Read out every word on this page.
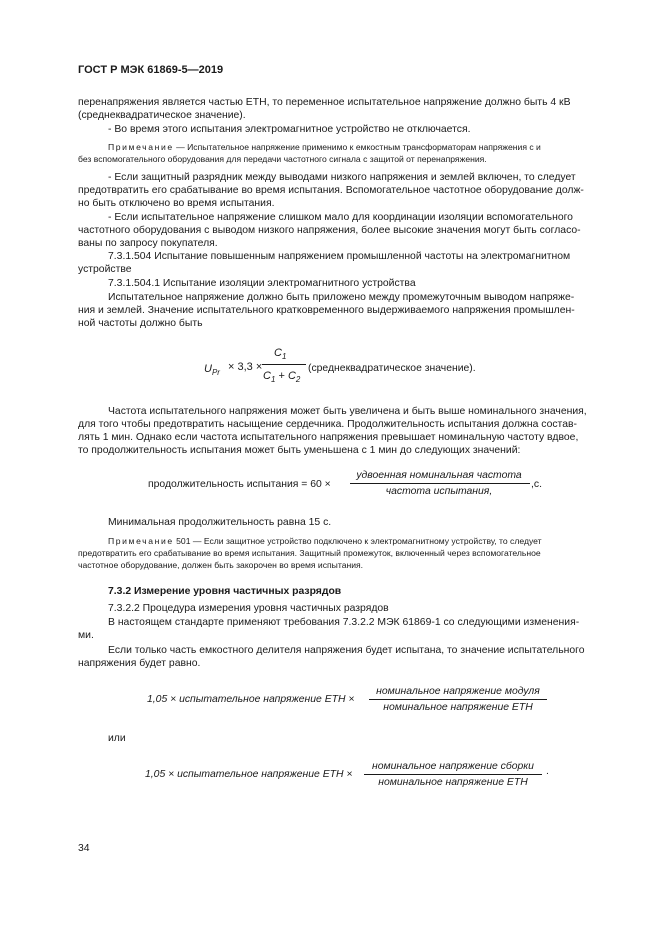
ГОСТ Р МЭК 61869-5—2019
перенапряжения является частью ЕТН, то переменное испытательное напряжение должно быть 4 кВ
(среднеквадратическое значение).
- Во время этого испытания электромагнитное устройство не отключается.
Примечание — Испытательное напряжение применимо к емкостным трансформаторам напряжения с и
без вспомогательного оборудования для передачи частотного сигнала с защитой от перенапряжения.
- Если защитный разрядник между выводами низкого напряжения и землей включен, то следует
предотвратить его срабатывание во время испытания. Вспомогательное частотное оборудование долж-
но быть отключено во время испытания.
- Если испытательное напряжение слишком мало для координации изоляции вспомогательного
частотного оборудования с выводом низкого напряжения, более высокие значения могут быть согласо-
ваны по запросу покупателя.
7.3.1.504 Испытание повышенным напряжением промышленной частоты на электромагнитном
устройстве
7.3.1.504.1 Испытание изоляции электромагнитного устройства
Испытательное напряжение должно быть приложено между промежуточным выводом напряже-
ния и землей. Значение испытательного кратковременного выдерживаемого напряжения промышлен-
ной частоты должно быть
$U_{Pr} \times 3,3$ ×
$C_1$
$C_1 + C_2$
(среднеквадратическое значение).
Частота испытательного напряжения может быть увеличена и быть выше номинального значения,
для того чтобы предотвратить насыщение сердечника. Продолжительность испытания должна состав-
лять 1 мин. Однако если частота испытательного напряжения превышает номинальную частоту вдвое,
то продолжительность испытания может быть уменьшена с 1 мин до следующих значений:
продолжительность испытания = 60 ×
удвоенная номинальная частота
частота испытания,
,с.
Минимальная продолжительность равна 15 с.
Примечание 501 — Если защитное устройство подключено к электромагнитному устройству, то следует
предотвратить его срабатывание во время испытания. Защитный промежуток, включенный через вспомогательное
частотное оборудование, должен быть закорочен во время испытания.
7.3.2 Измерение уровня частичных разрядов
7.3.2.2 Процедура измерения уровня частичных разрядов
В настоящем стандарте применяют требования 7.3.2.2 МЭК 61869-1 со следующими изменения-
ми.
Если только часть емкостного делителя напряжения будет испытана, то значение испытательного
напряжения будет равно.
1,05 × испытательное напряжение ЕТН ×
номинальное напряжение модуля
номинальное напряжение ЕТН
или
1,05 × испытательное напряжение ЕТН ×
номинальное напряжение сборки
номинальное напряжение ЕТН
.
34
